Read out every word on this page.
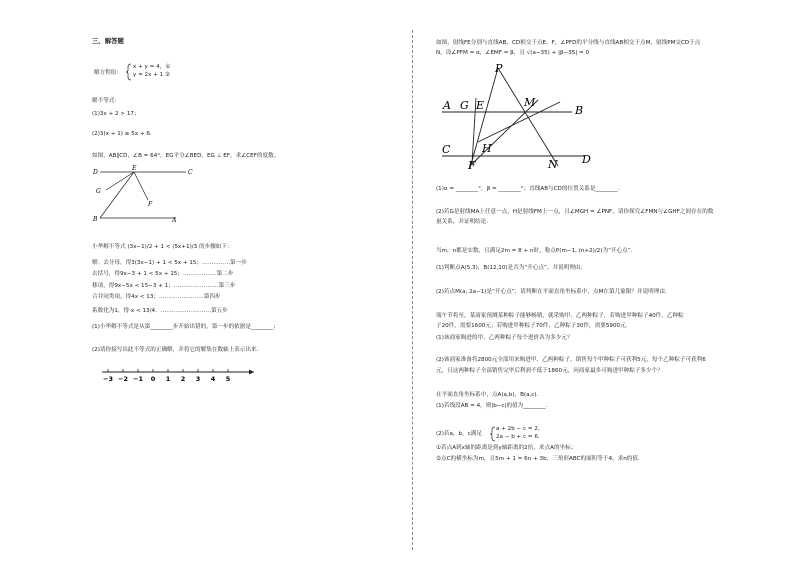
三、解答题
解方程组：
x + y = 4，①
y = 2x + 1 ②
解不等式：
(1)3x + 2 > 17；
(2)3(x + 1) ≥ 5x + 6．
如图，AB∥CD，∠B = 64°，EG平分∠BED，EG ⊥ EF，求∠CEF的度数。
D
E
C
G
F
B	A
小华解不等式 (3x−1)/2 + 1 < (5x+1)/3 的步骤如下：
解：去分母，得3(3x−1) + 1 < 5x + 15；……………第一步
去括号，得9x−3 + 1 < 5x + 15；………………第二步
移项，得9x−5x < 15−3 + 1；……………………第三步
合并同类项，得4x < 13；……………………第四步
系数化为1，得 x < 13/4．………………………第五步
(1)小华解不等式是从第________步开始出错的，第一步的依据是________；
(2)请你接写出此不等式的正确解，并将它的解集在数轴上表示出来．
−3 −2 −1 0 1 2 3 4 5
如图，射线FE分别与直线AB，CD相交于点E，F，∠PFD的平分线与直线AB相交于点M，射线PM交CD于点
N，设∠PFM = α，∠EMF = β，且 √(a−35) + |β−35| = 0
P
A G E	M
B
C	H
D
F	N
(1)α = ________°，β = ________°；直线AB与CD的位置关系是________．
(2)若G是射线MA上任意一点，H是射线FM上一点，且∠MGH = ∠PNF，请你探究∠FMN与∠GHF之间存在的数
量关系，并证明结论．
当m，n都是实数，且满足2m = 8 + n时，称点P(m−1, (n+2)/2)为“开心点”．
(1)判断点A(5,3)，B(12,10)是否为“开心点”，并说明理由；
(2)若点M(a, 2a−1)是“开心点”，请判断在平面直角坐标系中，点M在第几象限？并说明理由．
端午节将至，某商家预测某种粽子能够畅销，就采购甲、乙两种粽子，若购进甲种粽子40件，乙种粽
子20件，需要1600元；若购进甲种粽子70件，乙种粽子30件，需要5900元．
(1)该商家购进的甲、乙两种粽子每个进价各为多少元？
(2)该商家准备将2800元全部用来购进甲、乙两种粽子，销售每个甲种粽子可获利5元，每个乙种粽子可获利6
元，且这两种粽子全部销售完毕后利润不低于1860元，问商家最多可购进甲种粽子多少个？
在平面直角坐标系中，点A(a,b)，B(a,c)．
(1)若线段AB = 4，则|b−c|的值为________．
(2)若a，b，c满足
a + 2b − c = 2，
2a − b + c = 6．
①若点A到x轴的距离是到y轴距离的2倍，求点A的坐标；
②点C的横坐标为m，且5m + 1 = 6n + 3b，三角形ABC的面积等于4，求n的值．
